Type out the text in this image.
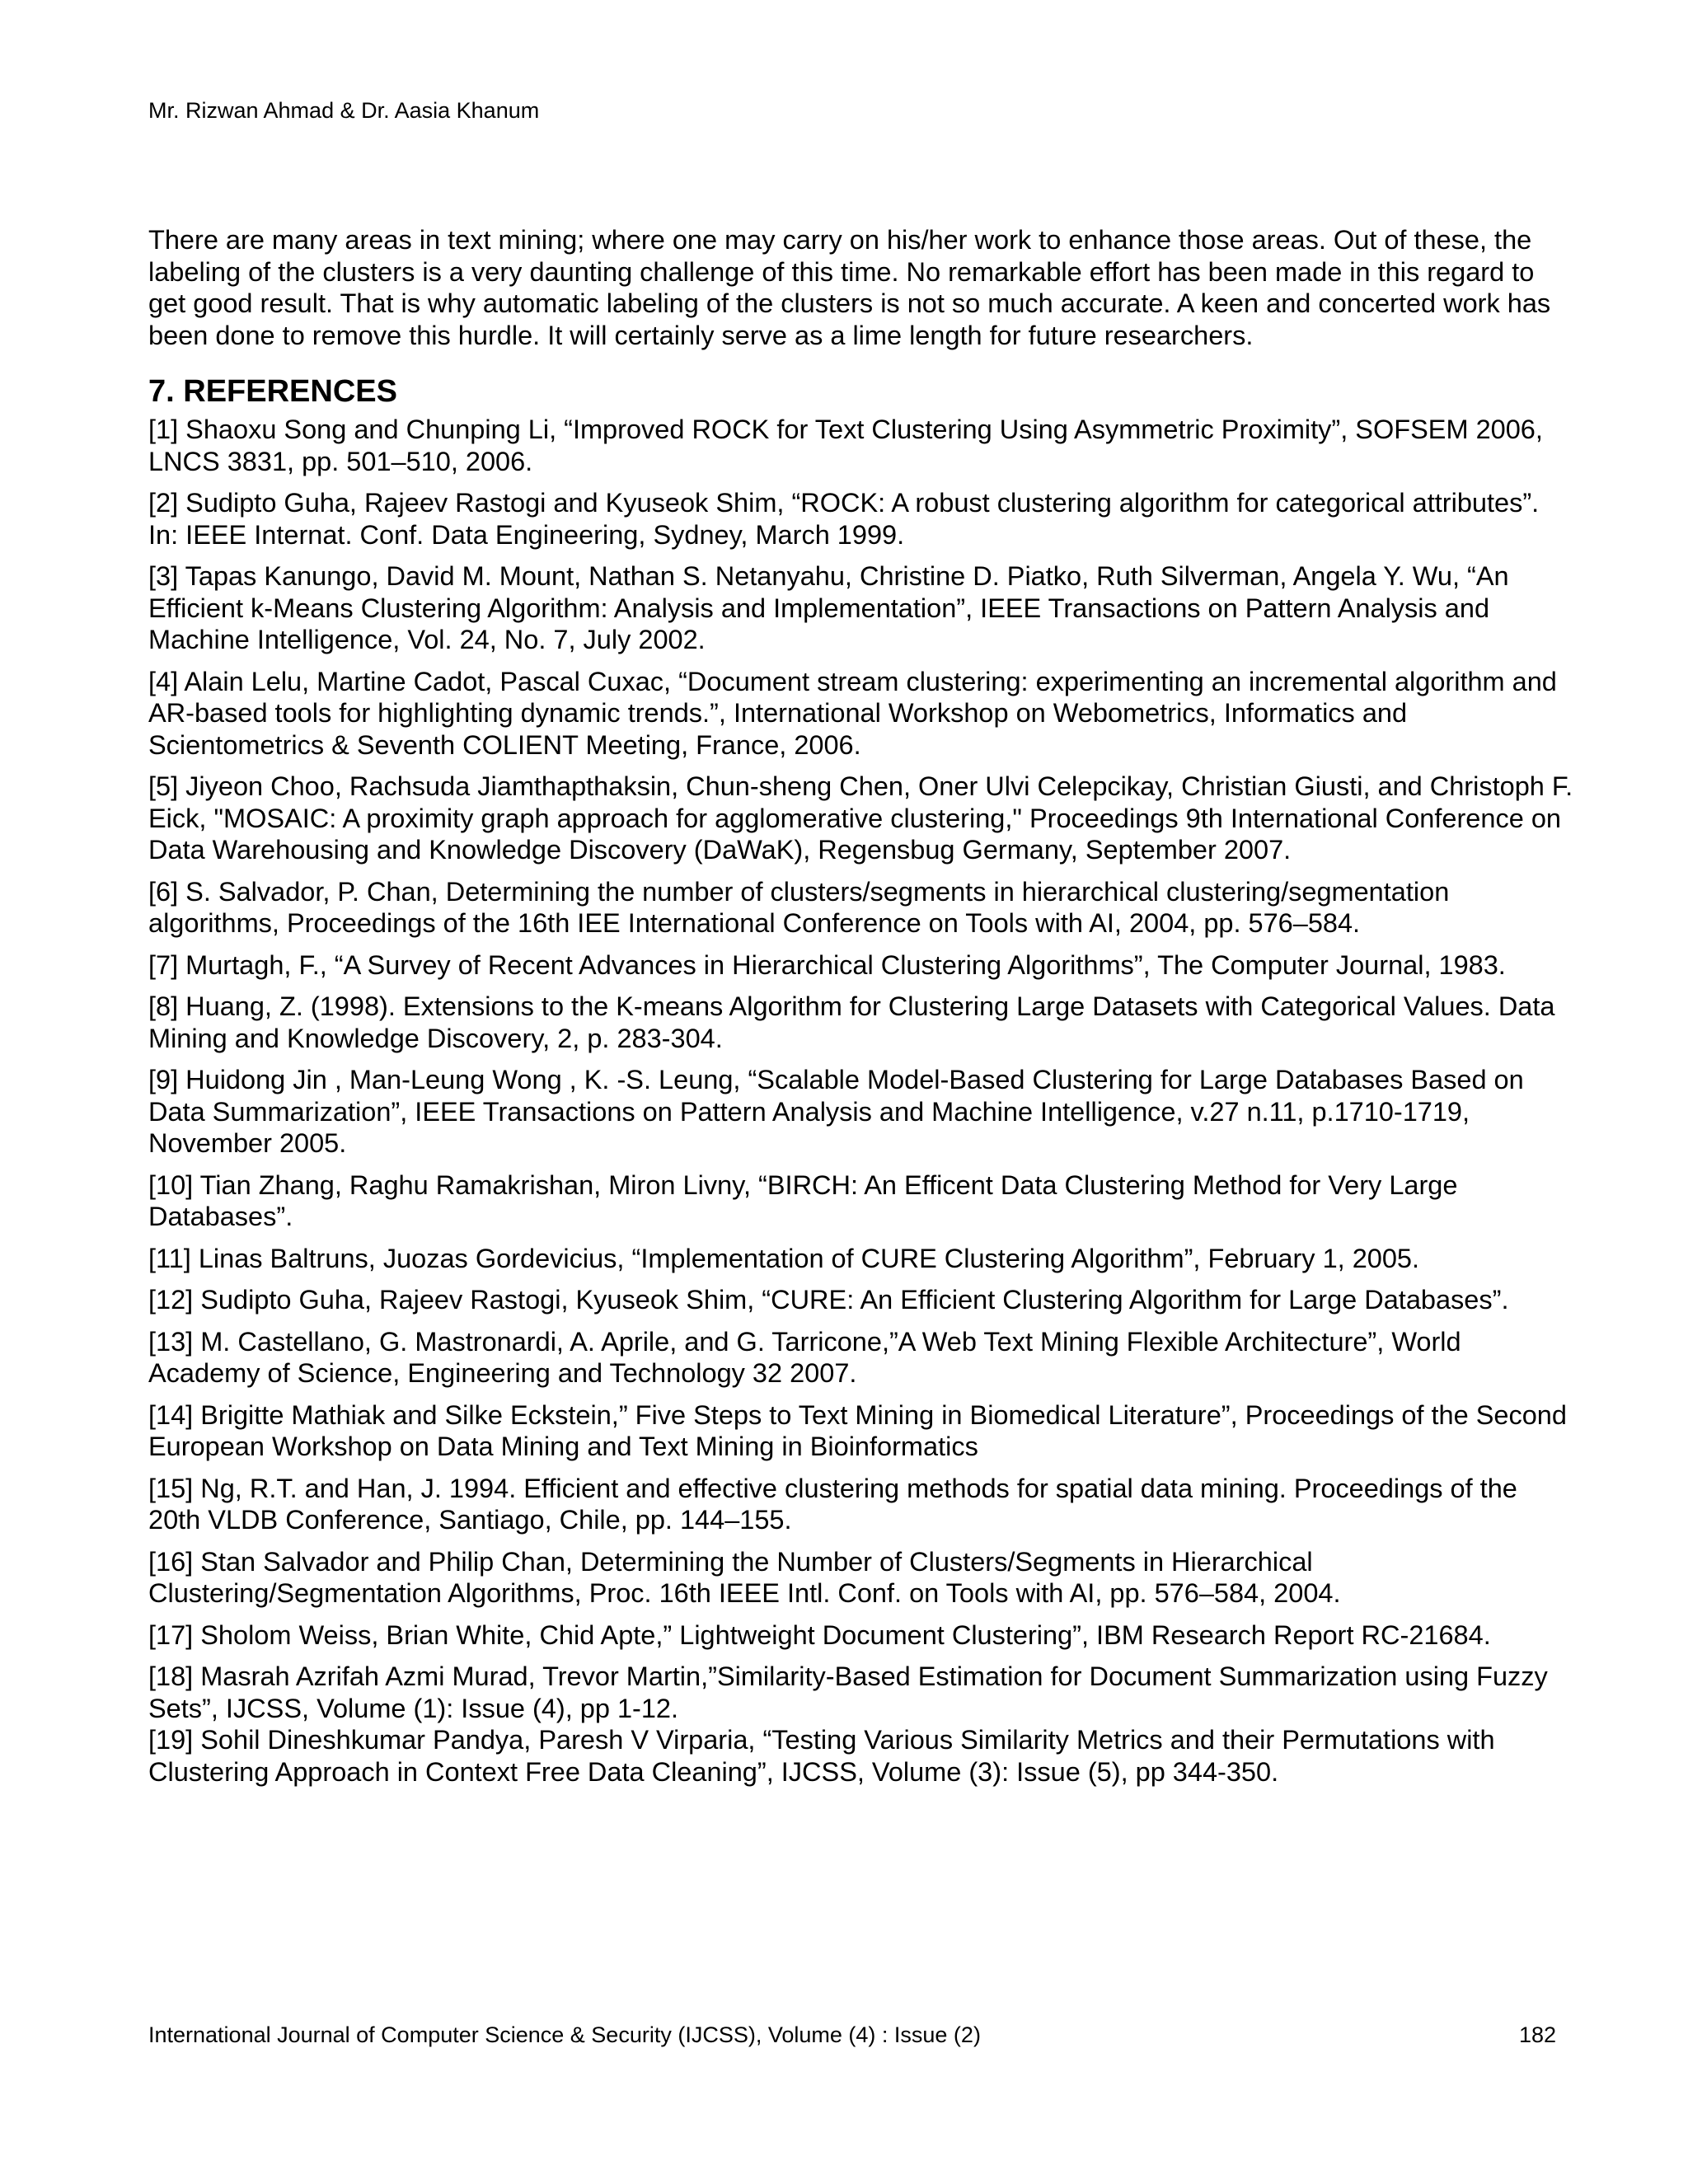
Mr. Rizwan Ahmad & Dr. Aasia Khanum

There are many areas in text mining; where one may carry on his/her work to enhance those areas. Out of these, the labeling of the clusters is a very daunting challenge of this time. No remarkable effort has been made in this regard to get good result. That is why automatic labeling of the clusters is not so much accurate. A keen and concerted work has been done to remove this hurdle. It will certainly serve as a lime length for future researchers.

7. REFERENCES
[1] Shaoxu Song and Chunping Li, “Improved ROCK for Text Clustering Using Asymmetric Proximity”, SOFSEM 2006, LNCS 3831, pp. 501–510, 2006.
[2] Sudipto Guha, Rajeev Rastogi and Kyuseok Shim, “ROCK: A robust clustering algorithm for categorical attributes”. In: IEEE Internat. Conf. Data Engineering, Sydney, March 1999.
[3] Tapas Kanungo, David M. Mount, Nathan S. Netanyahu, Christine D. Piatko, Ruth Silverman, Angela Y. Wu, “An Efficient k-Means Clustering Algorithm: Analysis and Implementation”, IEEE Transactions on Pattern Analysis and Machine Intelligence, Vol. 24, No. 7, July 2002.
[4] Alain Lelu, Martine Cadot, Pascal Cuxac, “Document stream clustering: experimenting an incremental algorithm and AR-based tools for highlighting dynamic trends.”, International Workshop on Webometrics, Informatics and Scientometrics & Seventh COLIENT Meeting, France, 2006.
[5] Jiyeon Choo, Rachsuda Jiamthapthaksin, Chun-sheng Chen, Oner Ulvi Celepcikay, Christian Giusti, and Christoph F. Eick, "MOSAIC: A proximity graph approach for agglomerative clustering," Proceedings 9th International Conference on Data Warehousing and Knowledge Discovery (DaWaK), Regensbug Germany, September 2007.
[6] S. Salvador, P. Chan, Determining the number of clusters/segments in hierarchical clustering/segmentation algorithms, Proceedings of the 16th IEE International Conference on Tools with AI, 2004, pp. 576–584.
[7] Murtagh, F., “A Survey of Recent Advances in Hierarchical Clustering Algorithms”, The Computer Journal, 1983.
[8] Huang, Z. (1998). Extensions to the K-means Algorithm for Clustering Large Datasets with Categorical Values. Data Mining and Knowledge Discovery, 2, p. 283-304.
[9] Huidong Jin , Man-Leung Wong , K. -S. Leung, “Scalable Model-Based Clustering for Large Databases Based on Data Summarization”, IEEE Transactions on Pattern Analysis and Machine Intelligence, v.27 n.11, p.1710-1719, November 2005.
[10] Tian Zhang, Raghu Ramakrishan, Miron Livny, “BIRCH: An Efficent Data Clustering Method for Very Large Databases”.
[11] Linas Baltruns, Juozas Gordevicius, “Implementation of CURE Clustering Algorithm”, February 1, 2005.
[12] Sudipto Guha, Rajeev Rastogi, Kyuseok Shim, “CURE: An Efficient Clustering Algorithm for Large Databases”.
[13] M. Castellano, G. Mastronardi, A. Aprile, and G. Tarricone,”A Web Text Mining Flexible Architecture”, World Academy of Science, Engineering and Technology 32 2007.
[14] Brigitte Mathiak and Silke Eckstein,” Five Steps to Text Mining in Biomedical Literature”, Proceedings of the Second European Workshop on Data Mining and Text Mining in Bioinformatics
[15] Ng, R.T. and Han, J. 1994. Efficient and effective clustering methods for spatial data mining. Proceedings of the 20th VLDB Conference, Santiago, Chile, pp. 144–155.
[16] Stan Salvador and Philip Chan, Determining the Number of Clusters/Segments in Hierarchical Clustering/Segmentation Algorithms, Proc. 16th IEEE Intl. Conf. on Tools with AI, pp. 576–584, 2004.
[17] Sholom Weiss, Brian White, Chid Apte,” Lightweight Document Clustering”, IBM Research Report RC-21684.
[18] Masrah Azrifah Azmi Murad, Trevor Martin,”Similarity-Based Estimation for Document Summarization using Fuzzy Sets”, IJCSS, Volume (1): Issue (4), pp 1-12.
[19] Sohil Dineshkumar Pandya, Paresh V Virparia, “Testing Various Similarity Metrics and their Permutations with Clustering Approach in Context Free Data Cleaning”, IJCSS, Volume (3): Issue (5), pp 344-350.
International Journal of Computer Science & Security (IJCSS), Volume (4) : Issue (2)	182
